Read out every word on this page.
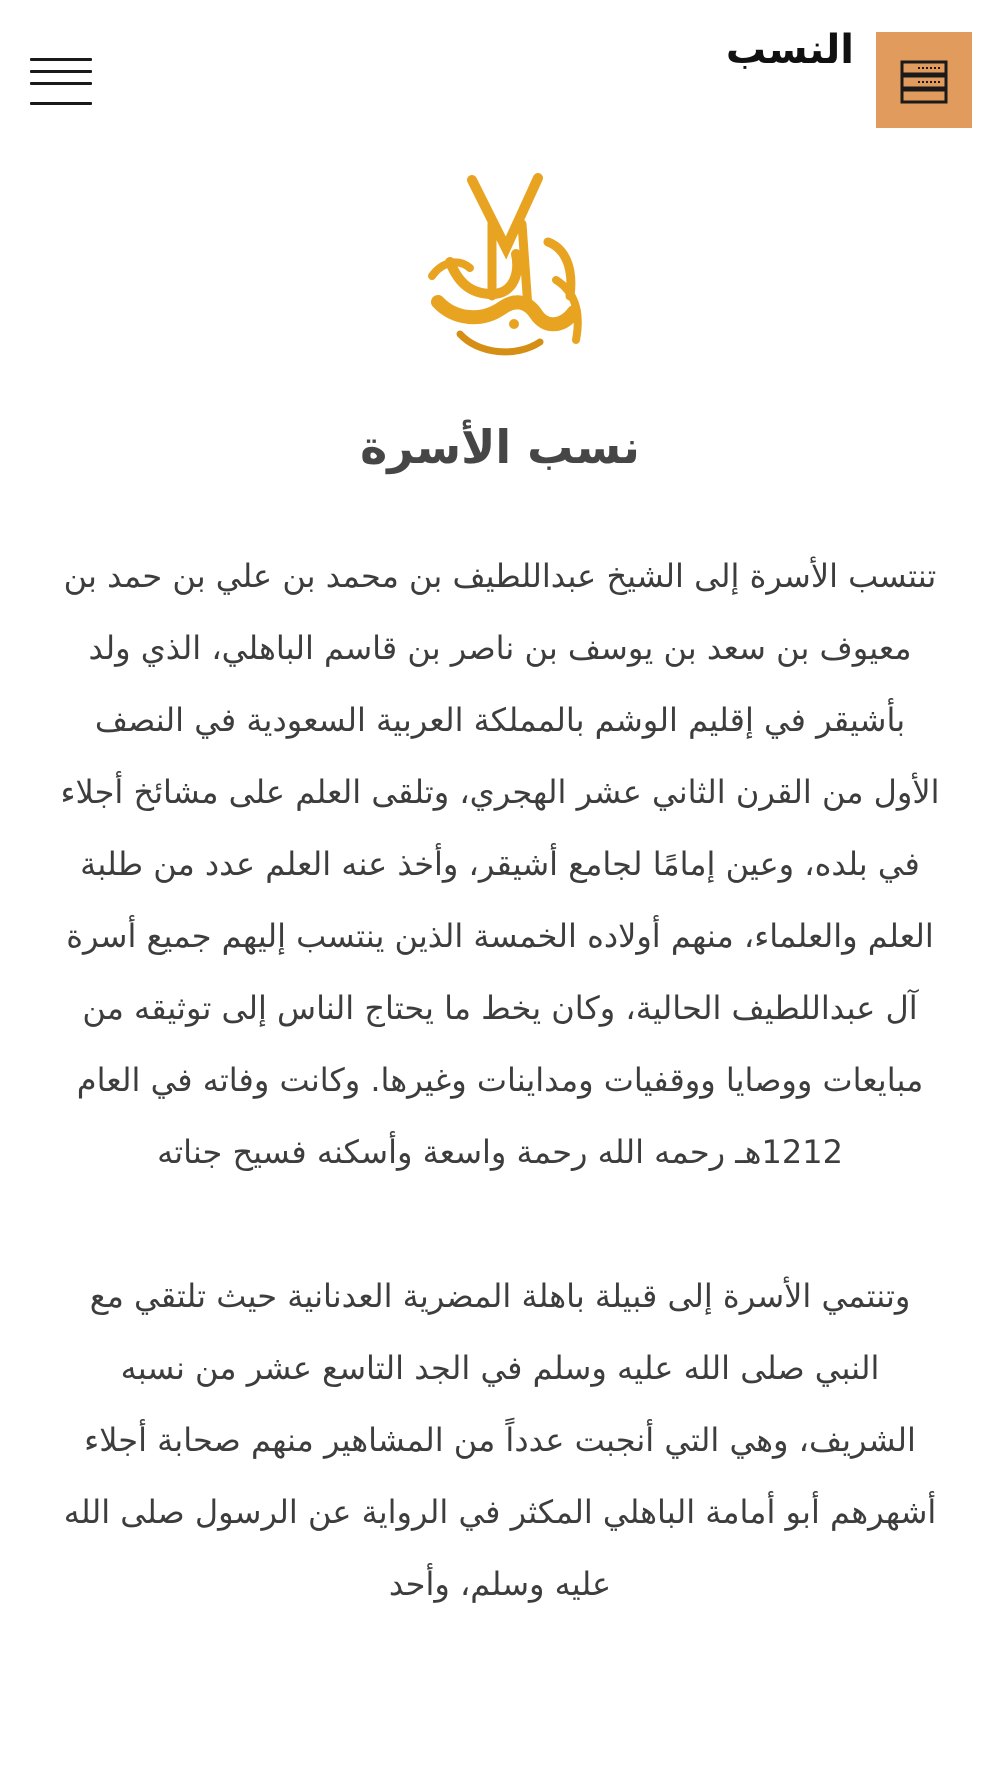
النسب
نسب الأسرة

تنتسب الأسرة إلى الشيخ عبداللطيف بن محمد بن علي بن حمد بن معيوف بن سعد بن يوسف بن ناصر بن قاسم الباهلي، الذي ولد بأشيقر في إقليم الوشم بالمملكة العربية السعودية في النصف الأول من القرن الثاني عشر الهجري، وتلقى العلم على مشائخ أجلاء في بلده، وعين إمامًا لجامع أشيقر، وأخذ عنه العلم عدد من طلبة العلم والعلماء، منهم أولاده الخمسة الذين ينتسب إليهم جميع أسرة آل عبداللطيف الحالية، وكان يخط ما يحتاج الناس إلى توثيقه من مبايعات ووصايا ووقفيات ومداينات وغيرها. وكانت وفاته في العام 1212هـ رحمه الله رحمة واسعة وأسكنه فسيح جناته

وتنتمي الأسرة إلى قبيلة باهلة المضرية العدنانية حيث تلتقي مع النبي صلى الله عليه وسلم في الجد التاسع عشر من نسبه الشريف، وهي التي أنجبت عدداً من المشاهير منهم صحابة أجلاء أشهرهم أبو أمامة الباهلي المكثر في الرواية عن الرسول صلى الله عليه وسلم، وأحد
